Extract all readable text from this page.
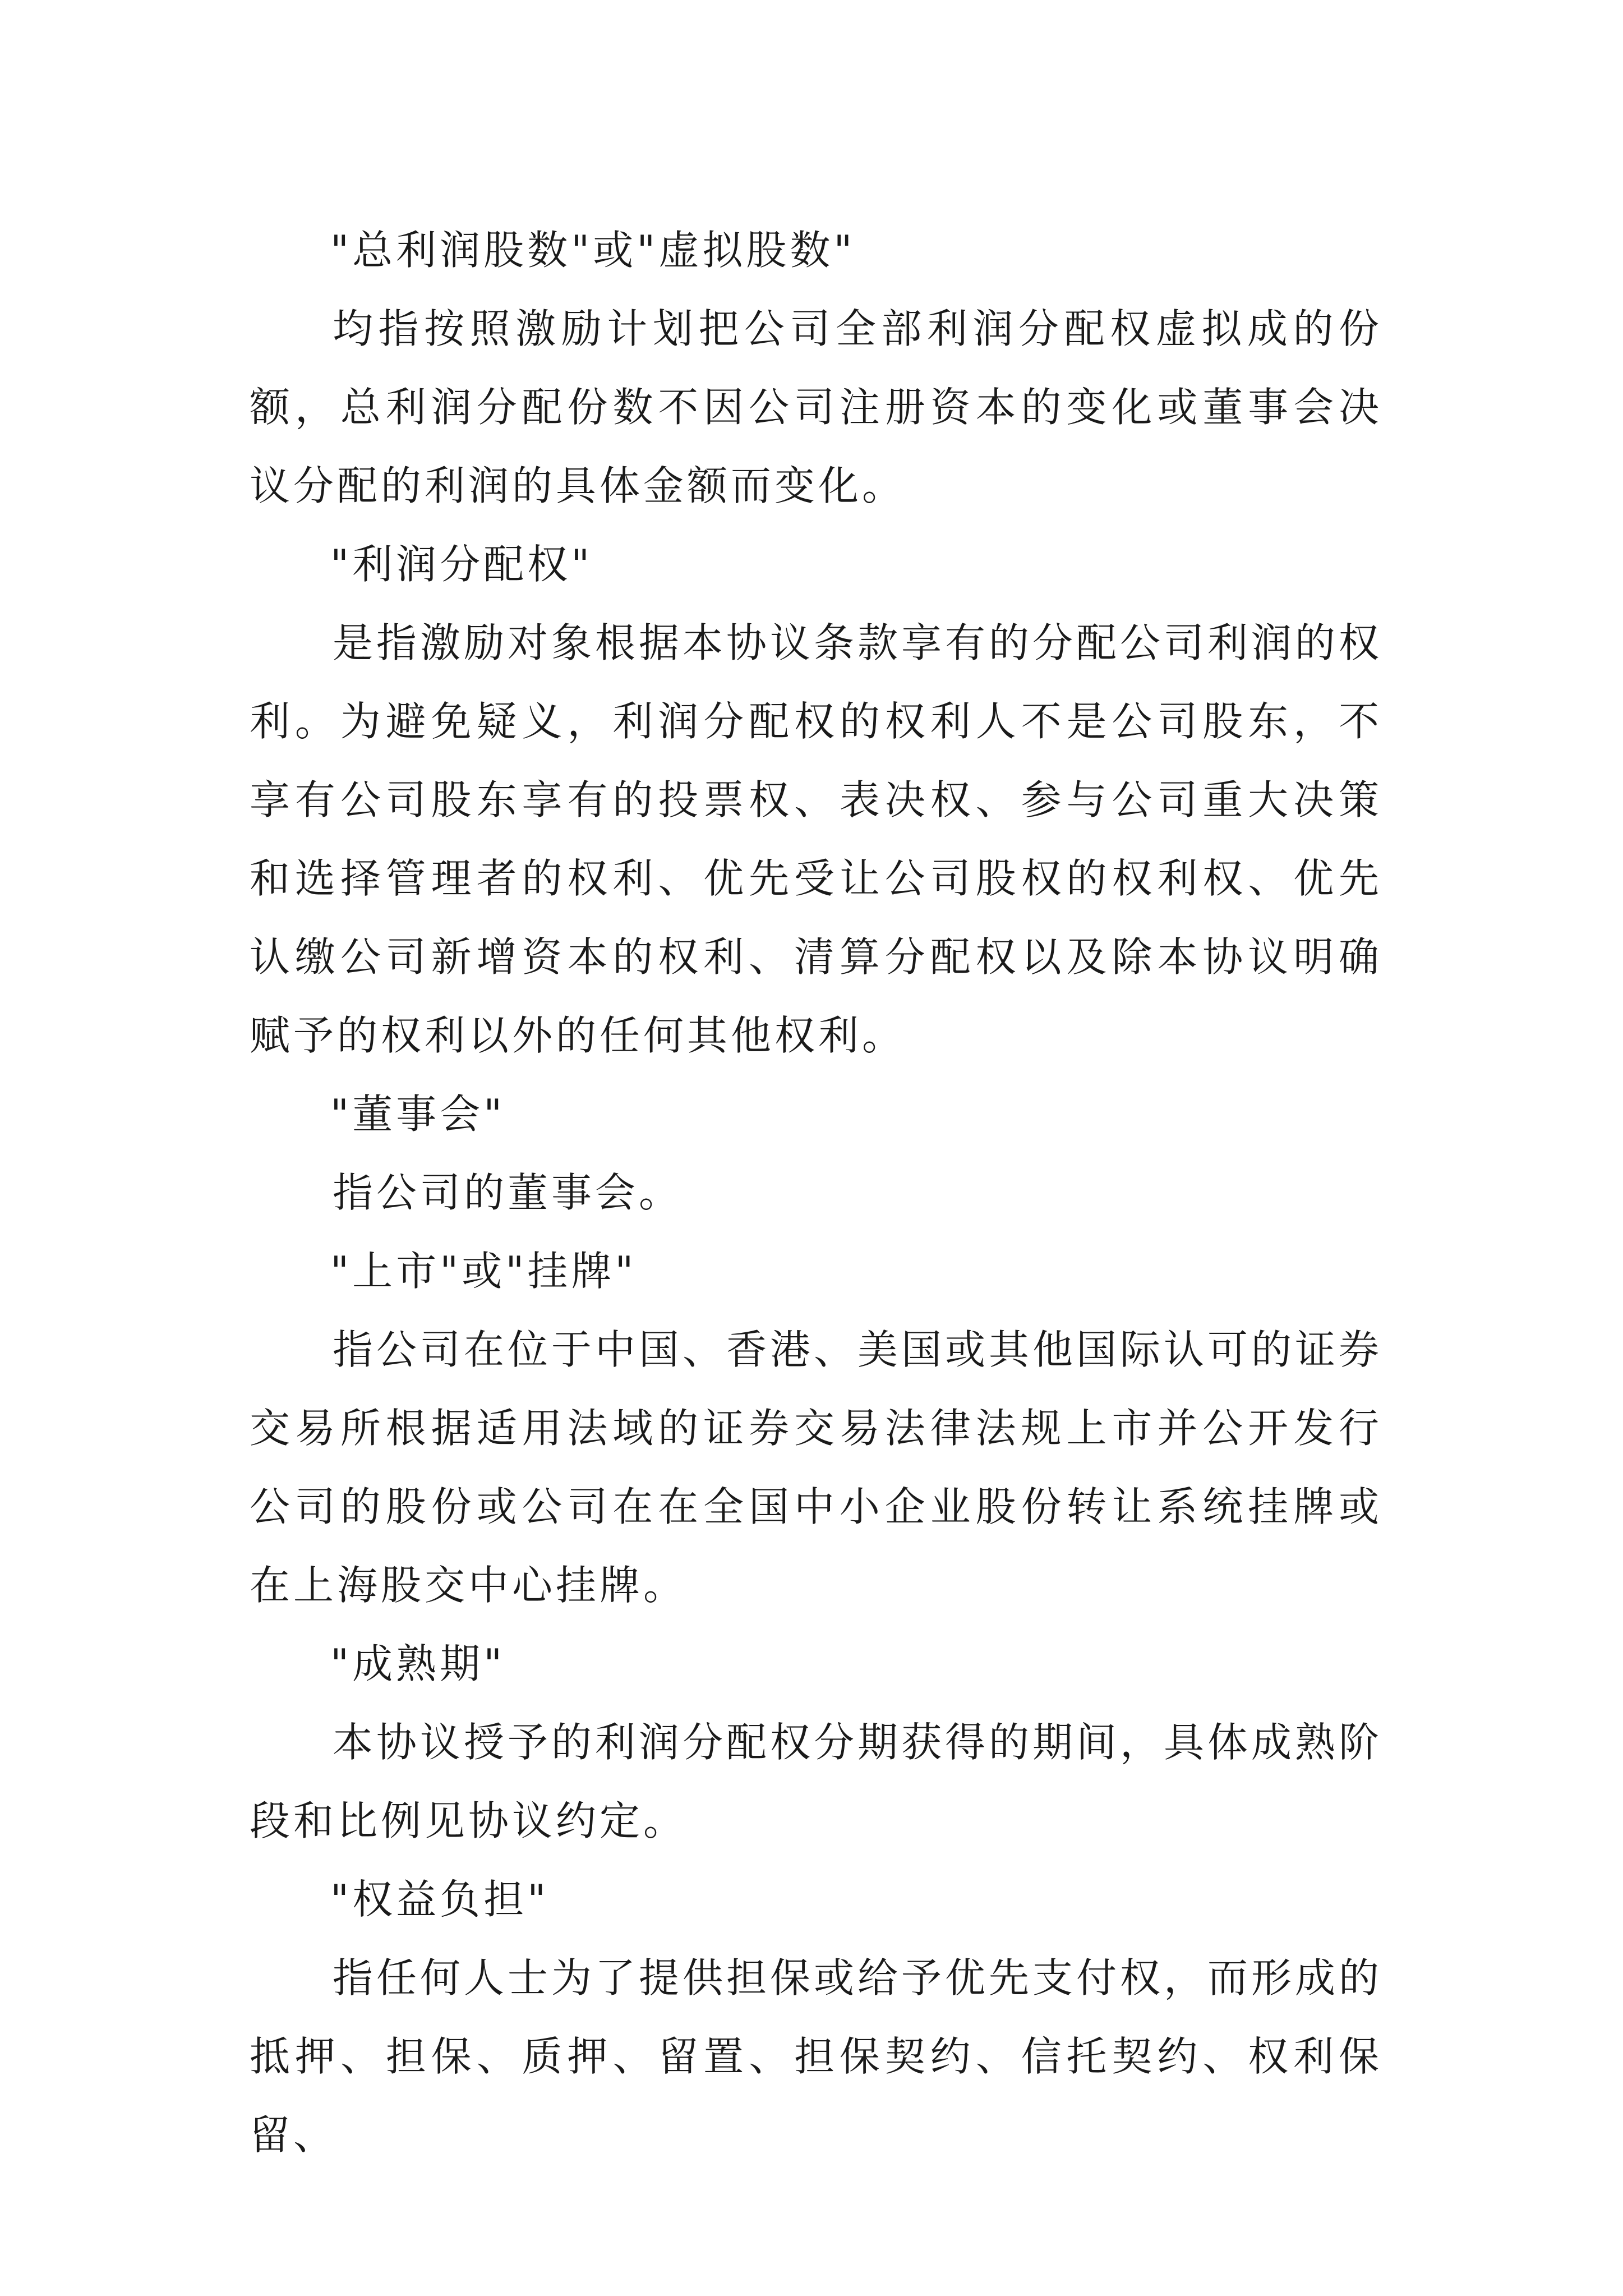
"总利润股数"或"虚拟股数"

均指按照激励计划把公司全部利润分配权虚拟成的份额，总利润分配份数不因公司注册资本的变化或董事会决议分配的利润的具体金额而变化。

"利润分配权"

是指激励对象根据本协议条款享有的分配公司利润的权利。为避免疑义，利润分配权的权利人不是公司股东，不享有公司股东享有的投票权、表决权、参与公司重大决策和选择管理者的权利、优先受让公司股权的权利权、优先认缴公司新增资本的权利、清算分配权以及除本协议明确赋予的权利以外的任何其他权利。

"董事会"

指公司的董事会。

"上市"或"挂牌"

指公司在位于中国、香港、美国或其他国际认可的证券交易所根据适用法域的证券交易法律法规上市并公开发行公司的股份或公司在在全国中小企业股份转让系统挂牌或在上海股交中心挂牌。

"成熟期"

本协议授予的利润分配权分期获得的期间，具体成熟阶段和比例见协议约定。

"权益负担"

指任何人士为了提供担保或给予优先支付权，而形成的抵押、担保、质押、留置、担保契约、信托契约、权利保留、
